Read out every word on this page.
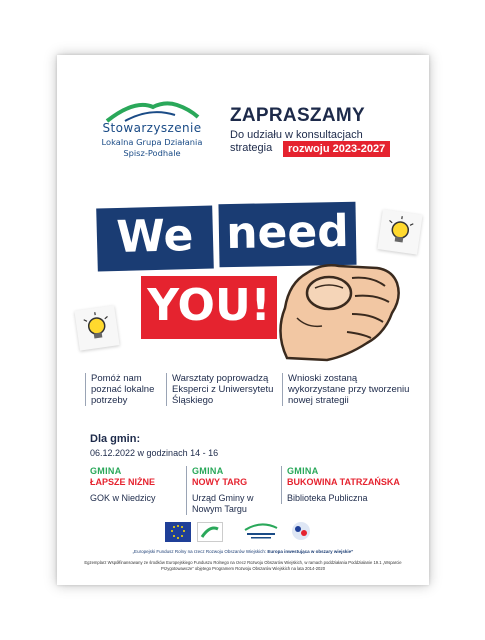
Stowarzyszenie
Lokalna Grupa Działania
Spisz-Podhale
ZAPRASZAMY
Do udziału w konsultacjach
strategia	rozwoju 2023-2027
We need
YOU!
Pomóż nam poznać lokalne potrzeby
Warsztaty poprowadzą Eksperci z Uniwersytetu Śląskiego
Wnioski zostaną wykorzystane przy tworzeniu nowej strategii
Dla gmin:
06.12.2022 w godzinach 14 - 16
GMINA
ŁAPSZE NIŻNE
GOK w Niedzicy
GMINA
NOWY TARG
Urząd Gminy w Nowym Targu
GMINA
BUKOWINA TATRZAŃSKA
Biblioteka Publiczna
„Europejski Fundusz Rolny na rzecz Rozwoju Obszarów Wiejskich: Europa inwestująca w obszary wiejskie”
Egzemplarz Współfinansowany ze środków Europejskiego Funduszu Rolnego na rzecz Rozwoju Obszarów Wiejskich, w ramach poddziałania Poddziałanie 19.1 „Wsparcie Przygotowawcze” objętego Programem Rozwoju Obszarów Wiejskich na lata 2014-2020
